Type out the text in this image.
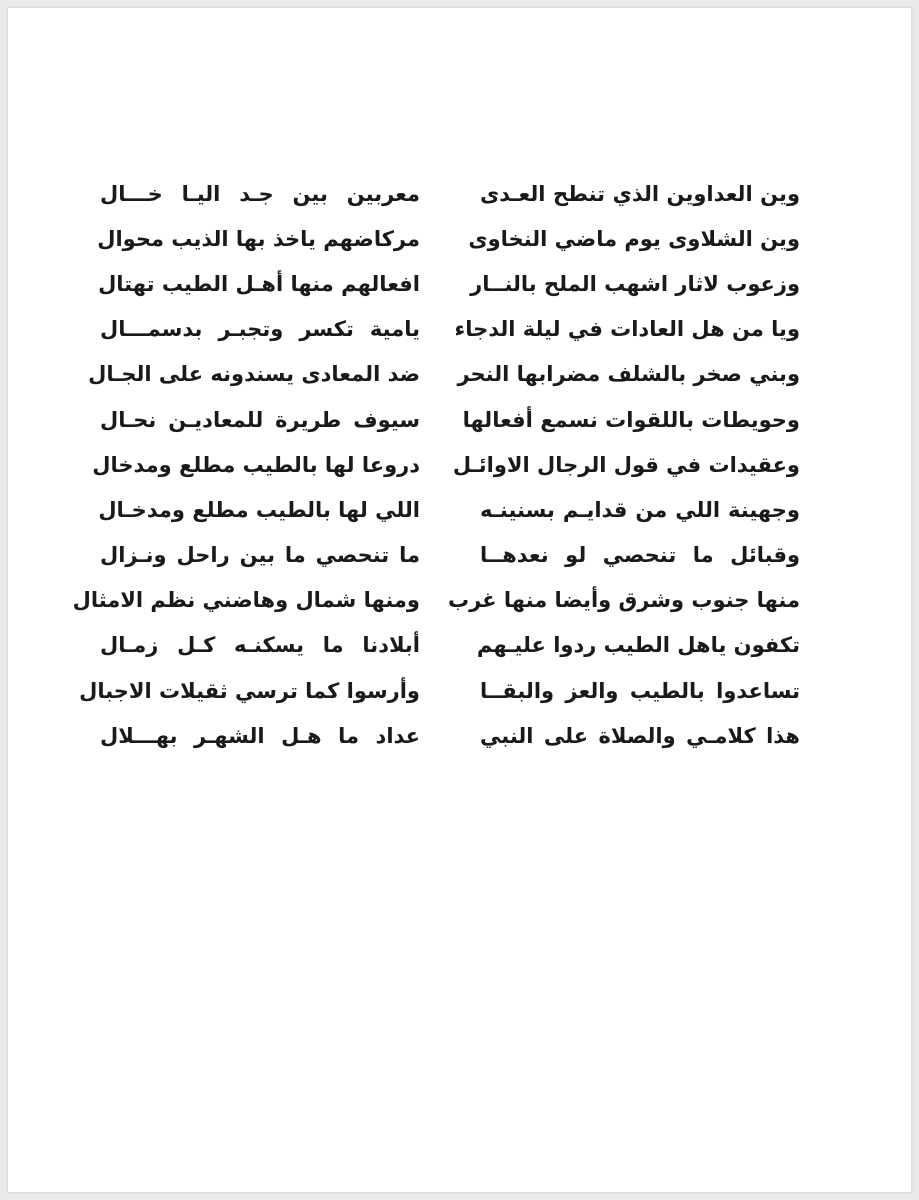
وين العداوين الذي تنطح العـدى
معربين بين جـد اليـا خـــال
وين الشلاوى يوم ماضي النخاوى
مركاضهم ياخذ بها الذيب محوال
وزعوب لاثار اشهب الملح بالنــار
افعالهم منها أهـل الطيب تهتال
ويا من هل العادات في ليلة الدجاء
يامية تكسر وتجبـر بدسمـــال
وبني صخر بالشلف مضرابها النحر
ضد المعادى يسندونه على الجـال
وحويطات باللقوات نسمع أفعالها
سيوف طريرة للمعاديـن نحـال
وعقيدات في قول الرجال الاوائـل
دروعا لها بالطيب مطلع ومدخال
وجهينة اللي من قدايـم بسنينـه
اللي لها بالطيب مطلع ومدخـال
وقبائل ما تنحصي لو نعدهــا
ما تنحصي ما بين راحل ونـزال
منها جنوب وشرق وأيضا منها غرب
ومنها شمال وهاضني نظم الامثال
تكفون ياهل الطيب ردوا عليـهم
أبلادنا ما يسكنـه كـل زمـال
تساعدوا بالطيب والعز والبقــا
وأرسوا كما ترسي ثقيلات الاجبال
هذا كلامـي والصلاة على النبي
عداد ما هـل الشهـر بهـــلال
